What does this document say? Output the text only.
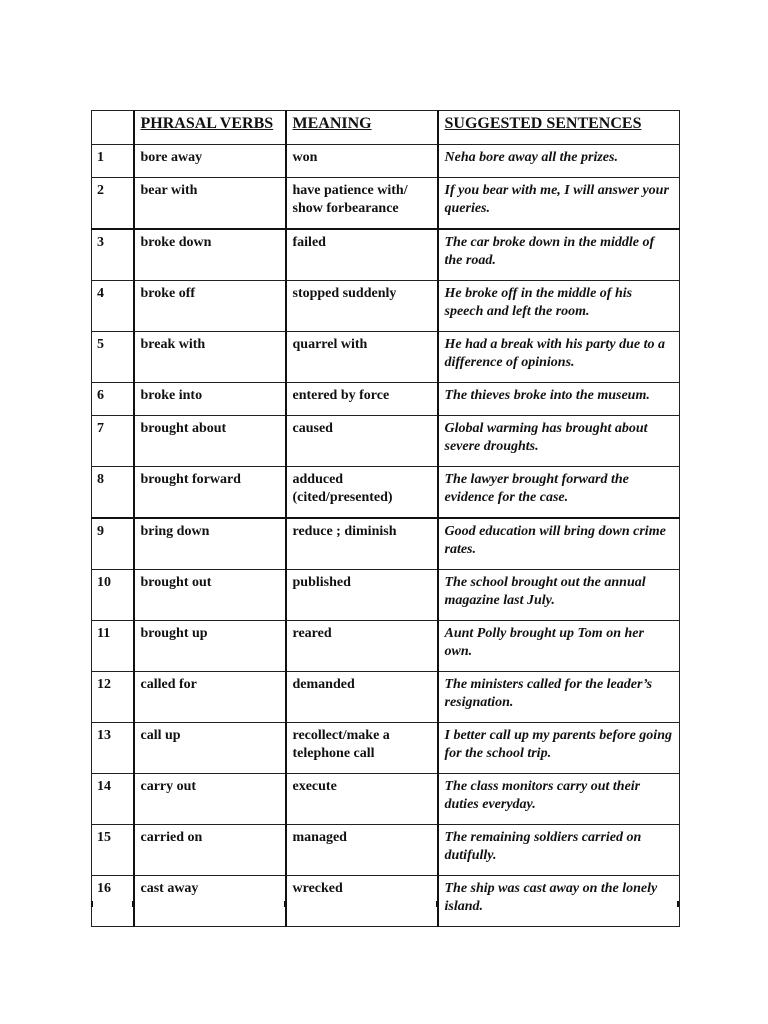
	PHRASAL VERBS	MEANING	SUGGESTED SENTENCES
1	bore away	won	Neha bore away all the prizes.
2	bear with	have patience with/ show forbearance	If you bear with me, I will answer your queries.
3	broke down	failed	The car broke down in the middle of the road.
4	broke off	stopped suddenly	He broke off in the middle of his speech and left the room.
5	break with	quarrel with	He had a break with his party due to a difference of opinions.
6	broke into	entered by force	The thieves broke into the museum.
7	brought about	caused	Global warming has brought about severe droughts.
8	brought forward	adduced (cited/presented)	The lawyer brought forward the evidence for the case.
9	bring down	reduce ; diminish	Good education will bring down crime rates.
10	brought out	published	The school brought out the annual magazine last July.
11	brought up	reared	Aunt Polly brought up Tom on her own.
12	called for	demanded	The ministers called for the leader’s resignation.
13	call up	recollect/make a telephone call	I better call up my parents before going for the school trip.
14	carry out	execute	The class monitors carry out their duties everyday.
15	carried on	managed	The remaining soldiers carried on dutifully.
16	cast away	wrecked	The ship was cast away on the lonely island.
